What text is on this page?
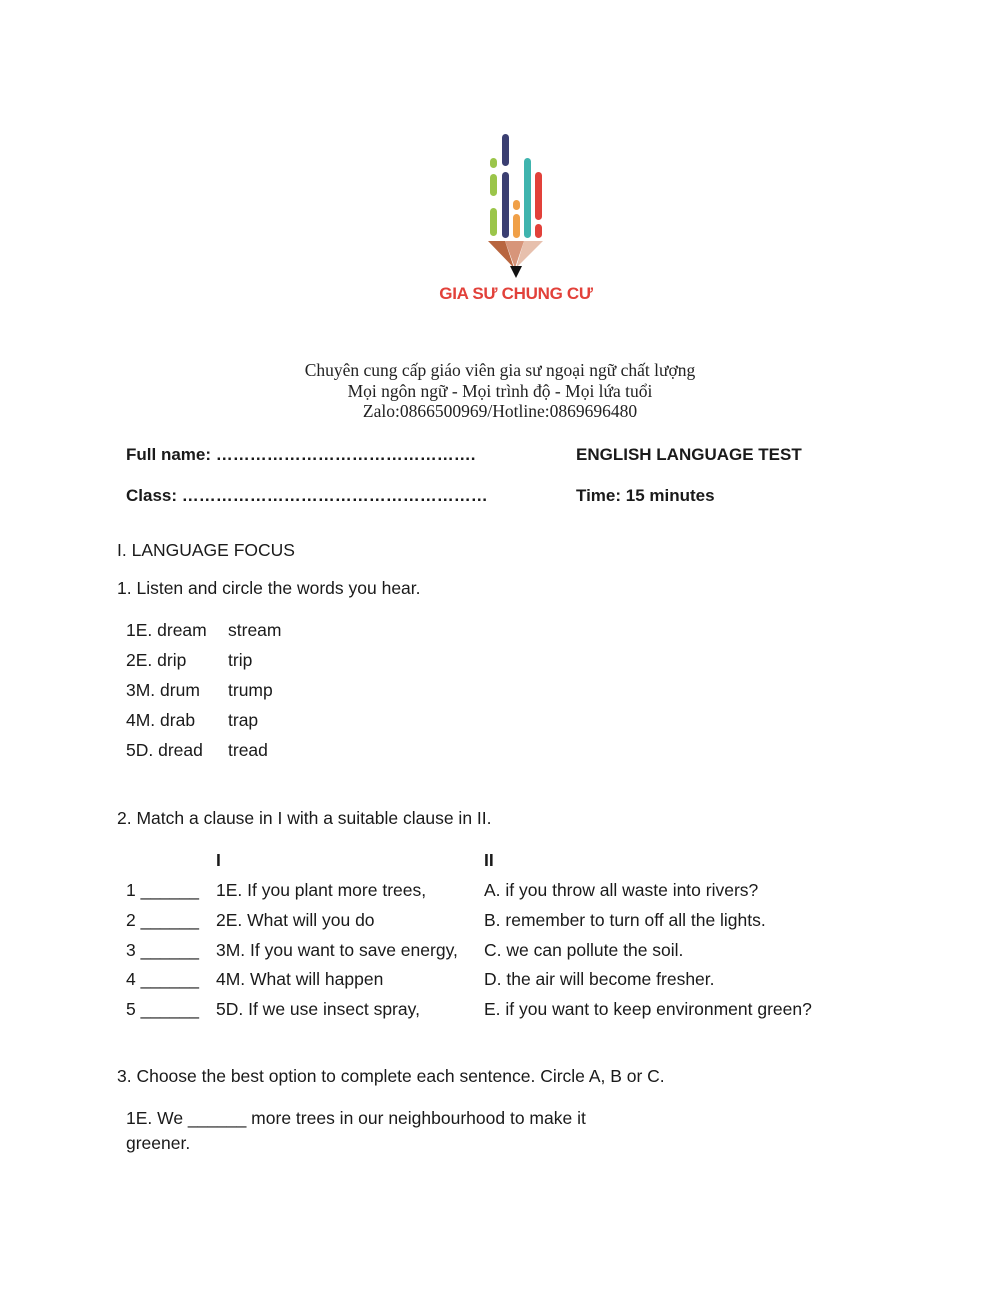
GIA SƯ CHUNG CƯ
Chuyên cung cấp giáo viên gia sư ngoại ngữ chất lượng
Mọi ngôn ngữ - Mọi trình độ - Mọi lứa tuổi
Zalo:0866500969/Hotline:0869696480
Full name: ……………………………………….	ENGLISH LANGUAGE TEST
Class: ………………………………………………	Time: 15 minutes
I. LANGUAGE FOCUS
1. Listen and circle the words you hear.
1E. dream stream
2E. drip trip
3M. drum trump
4M. drab trap
5D. dread tread
2. Match a clause in I with a suitable clause in II.
I	II
1 ______ 1E. If you plant more trees,	A. if you throw all waste into rivers?
2 ______ 2E. What will you do	B. remember to turn off all the lights.
3 ______ 3M. If you want to save energy, C. we can pollute the soil.
4 ______ 4M. What will happen	D. the air will become fresher.
5 ______ 5D. If we use insect spray,	E. if you want to keep environment green?
3. Choose the best option to complete each sentence. Circle A, B or C.
1E. We ______ more trees in our neighbourhood to make it
greener.
